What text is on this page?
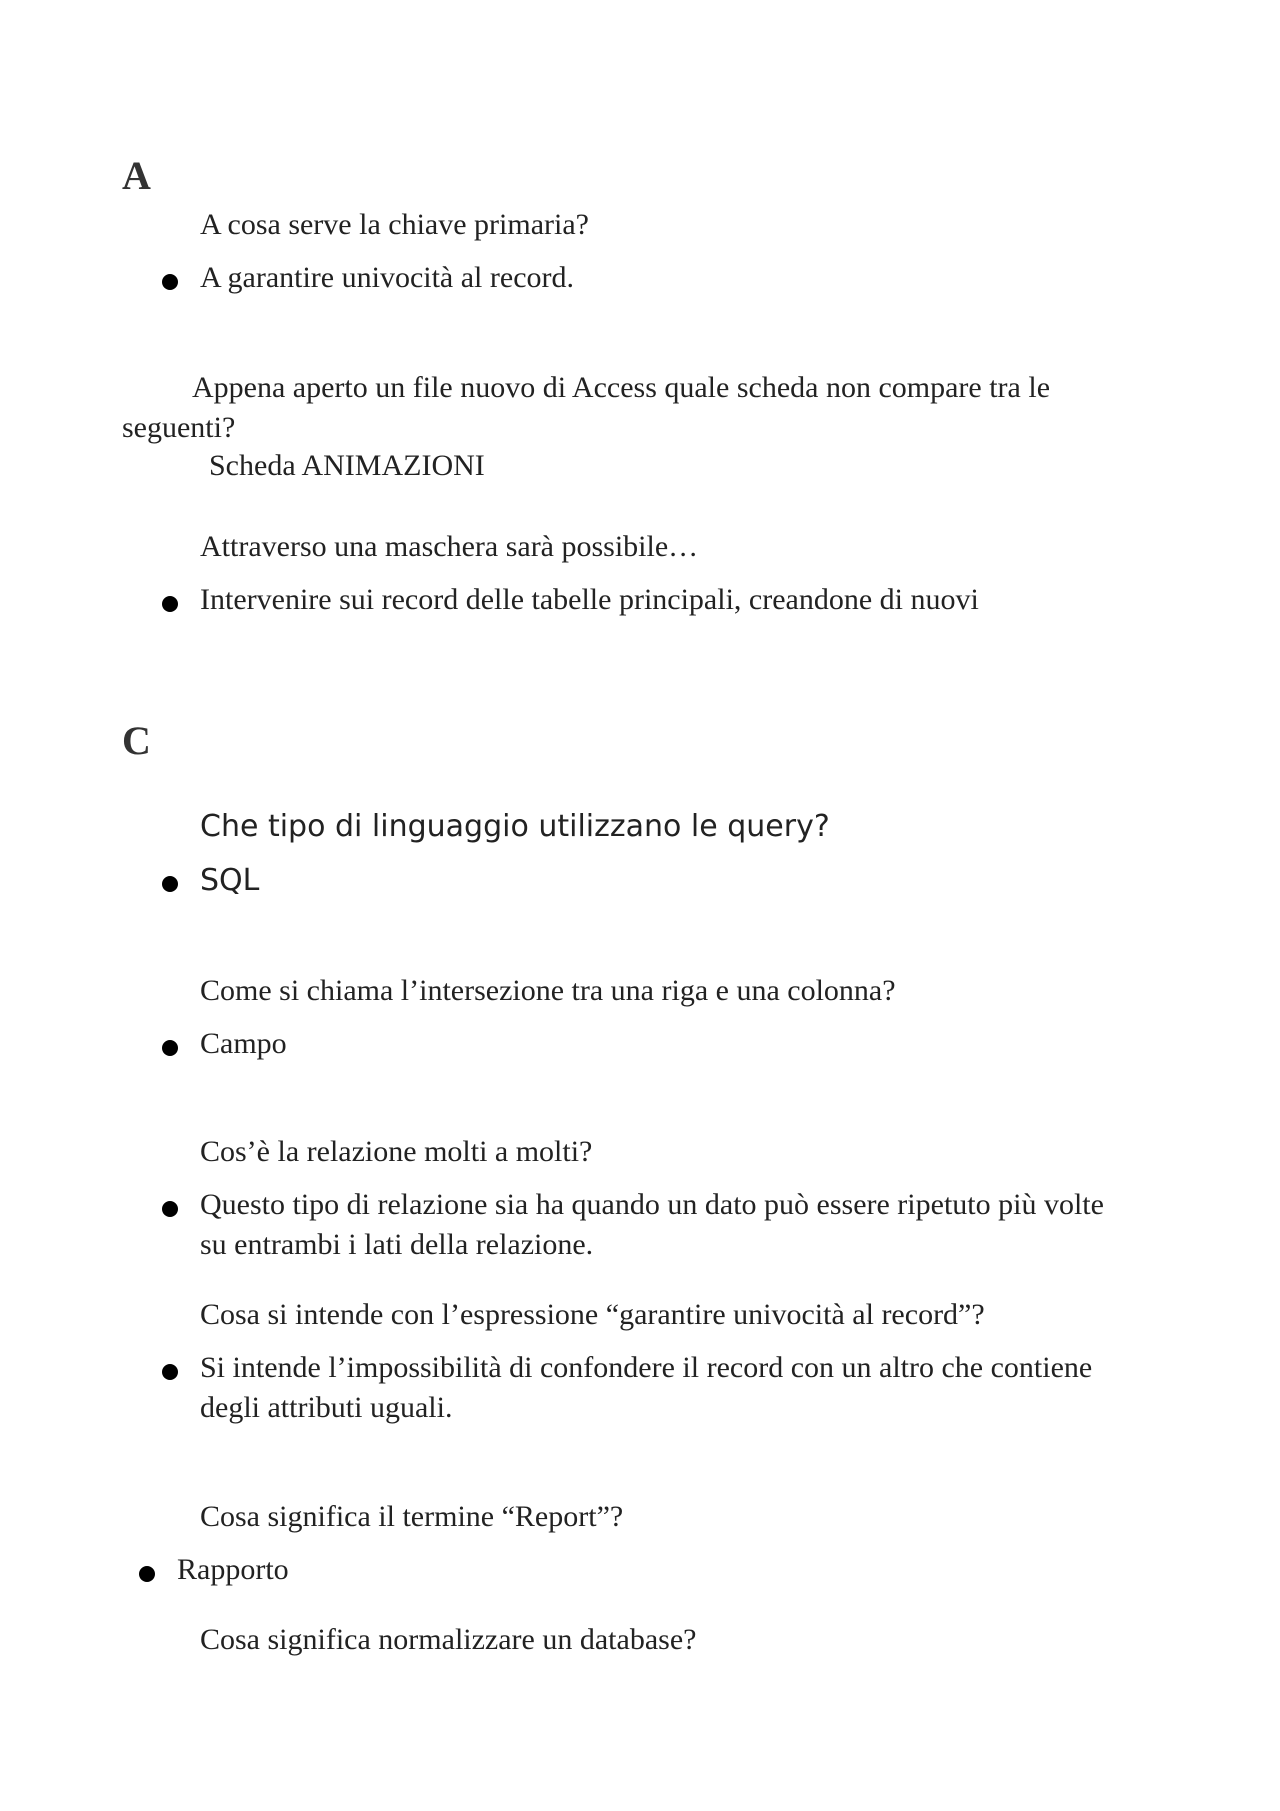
A
A cosa serve la chiave primaria?
A garantire univocità al record.
Appena aperto un file nuovo di Access quale scheda non compare tra le seguenti?
Scheda ANIMAZIONI
Attraverso una maschera sarà possibile…
Intervenire sui record delle tabelle principali, creandone di nuovi
C
Che tipo di linguaggio utilizzano le query?
SQL
Come si chiama l’intersezione tra una riga e una colonna?
Campo
Cos’è la relazione molti a molti?
Questo tipo di relazione sia ha quando un dato può essere ripetuto più volte su entrambi i lati della relazione.
Cosa si intende con l’espressione “garantire univocità al record”?
Si intende l’impossibilità di confondere il record con un altro che contiene degli attributi uguali.
Cosa significa il termine “Report”?
Rapporto
Cosa significa normalizzare un database?
